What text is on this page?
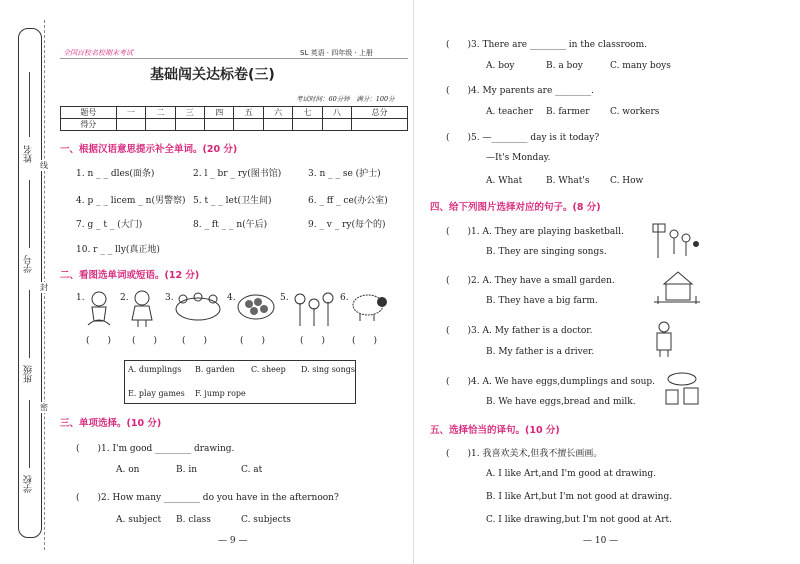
姓名
学号
班级
学校
线
封
密
全国百校名校期末考试	SL 英语 · 四年级 · 上册
基础闯关达标卷(三)
考试时间：60分钟　满分：100分
题号	一	二	三	四	五	六	七	八	总分
得分									
一、根据汉语意思提示补全单词。(20 分)
1. n _ _ dles(面条)	2. l _ br _ ry(图书馆)	3. n _ _ se (护士)
4. p _ _ licem _ n(男警察) 5. t _ _ let(卫生间)	6. _ ff _ ce(办公室)
7. g _ t _ (大门)	8. _ ft _ _ n(午后)	9. _ v _ ry(每个的)
10. r _ _ lly(真正地)
二、看图选单词或短语。(12 分)
1.	2.	3.	4.	5.	6.
(　　) (　　)	(　　)	(　　)	(　　)	(　　)
A. dumplings B. garden C. sheep D. sing songs
E. play games F. jump rope
三、单项选择。(10 分)
(　　)1. I'm good ________ drawing.
A. on	B. in	C. at
(　　)2. How many ________ do you have in the afternoon?
A. subject B. class	C. subjects
— 9 —
(　　)3. There are ________ in the classroom.
A. boy	B. a boy	C. many boys
(　　)4. My parents are ________.
A. teacher B. farmer C. workers
(　　)5. —________ day is it today?
—It's Monday.
A. What	B. What's C. How
四、给下列图片选择对应的句子。(8 分)
(　　)1. A. They are playing basketball.
B. They are singing songs.
(　　)2. A. They have a small garden.
B. They have a big farm.
(　　)3. A. My father is a doctor.
B. My father is a driver.
(　　)4. A. We have eggs,dumplings and soup.
B. We have eggs,bread and milk.
五、选择恰当的译句。(10 分)
(　　)1. 我喜欢美术,但我不擅长画画。
A. I like Art,and I'm good at drawing.
B. I like Art,but I'm not good at drawing.
C. I like drawing,but I'm not good at Art.
— 10 —
